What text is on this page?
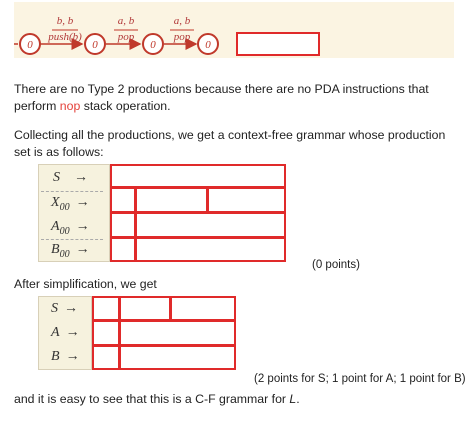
0	0	0	0
b, b
push(b)
a, b
pop
a, b
pop
There are no Type 2 productions because there are no PDA instructions that perform nop stack operation.
Collecting all the productions, we get a context-free grammar whose production set is as follows:
S →
$X_{00}$ →
$A_{00}$ →
$B_{00}$ →
(0 points)
After simplification, we get
S →
A →
B →
(2 points for S; 1 point for A; 1 point for B)
and it is easy to see that this is a C-F grammar for L.
